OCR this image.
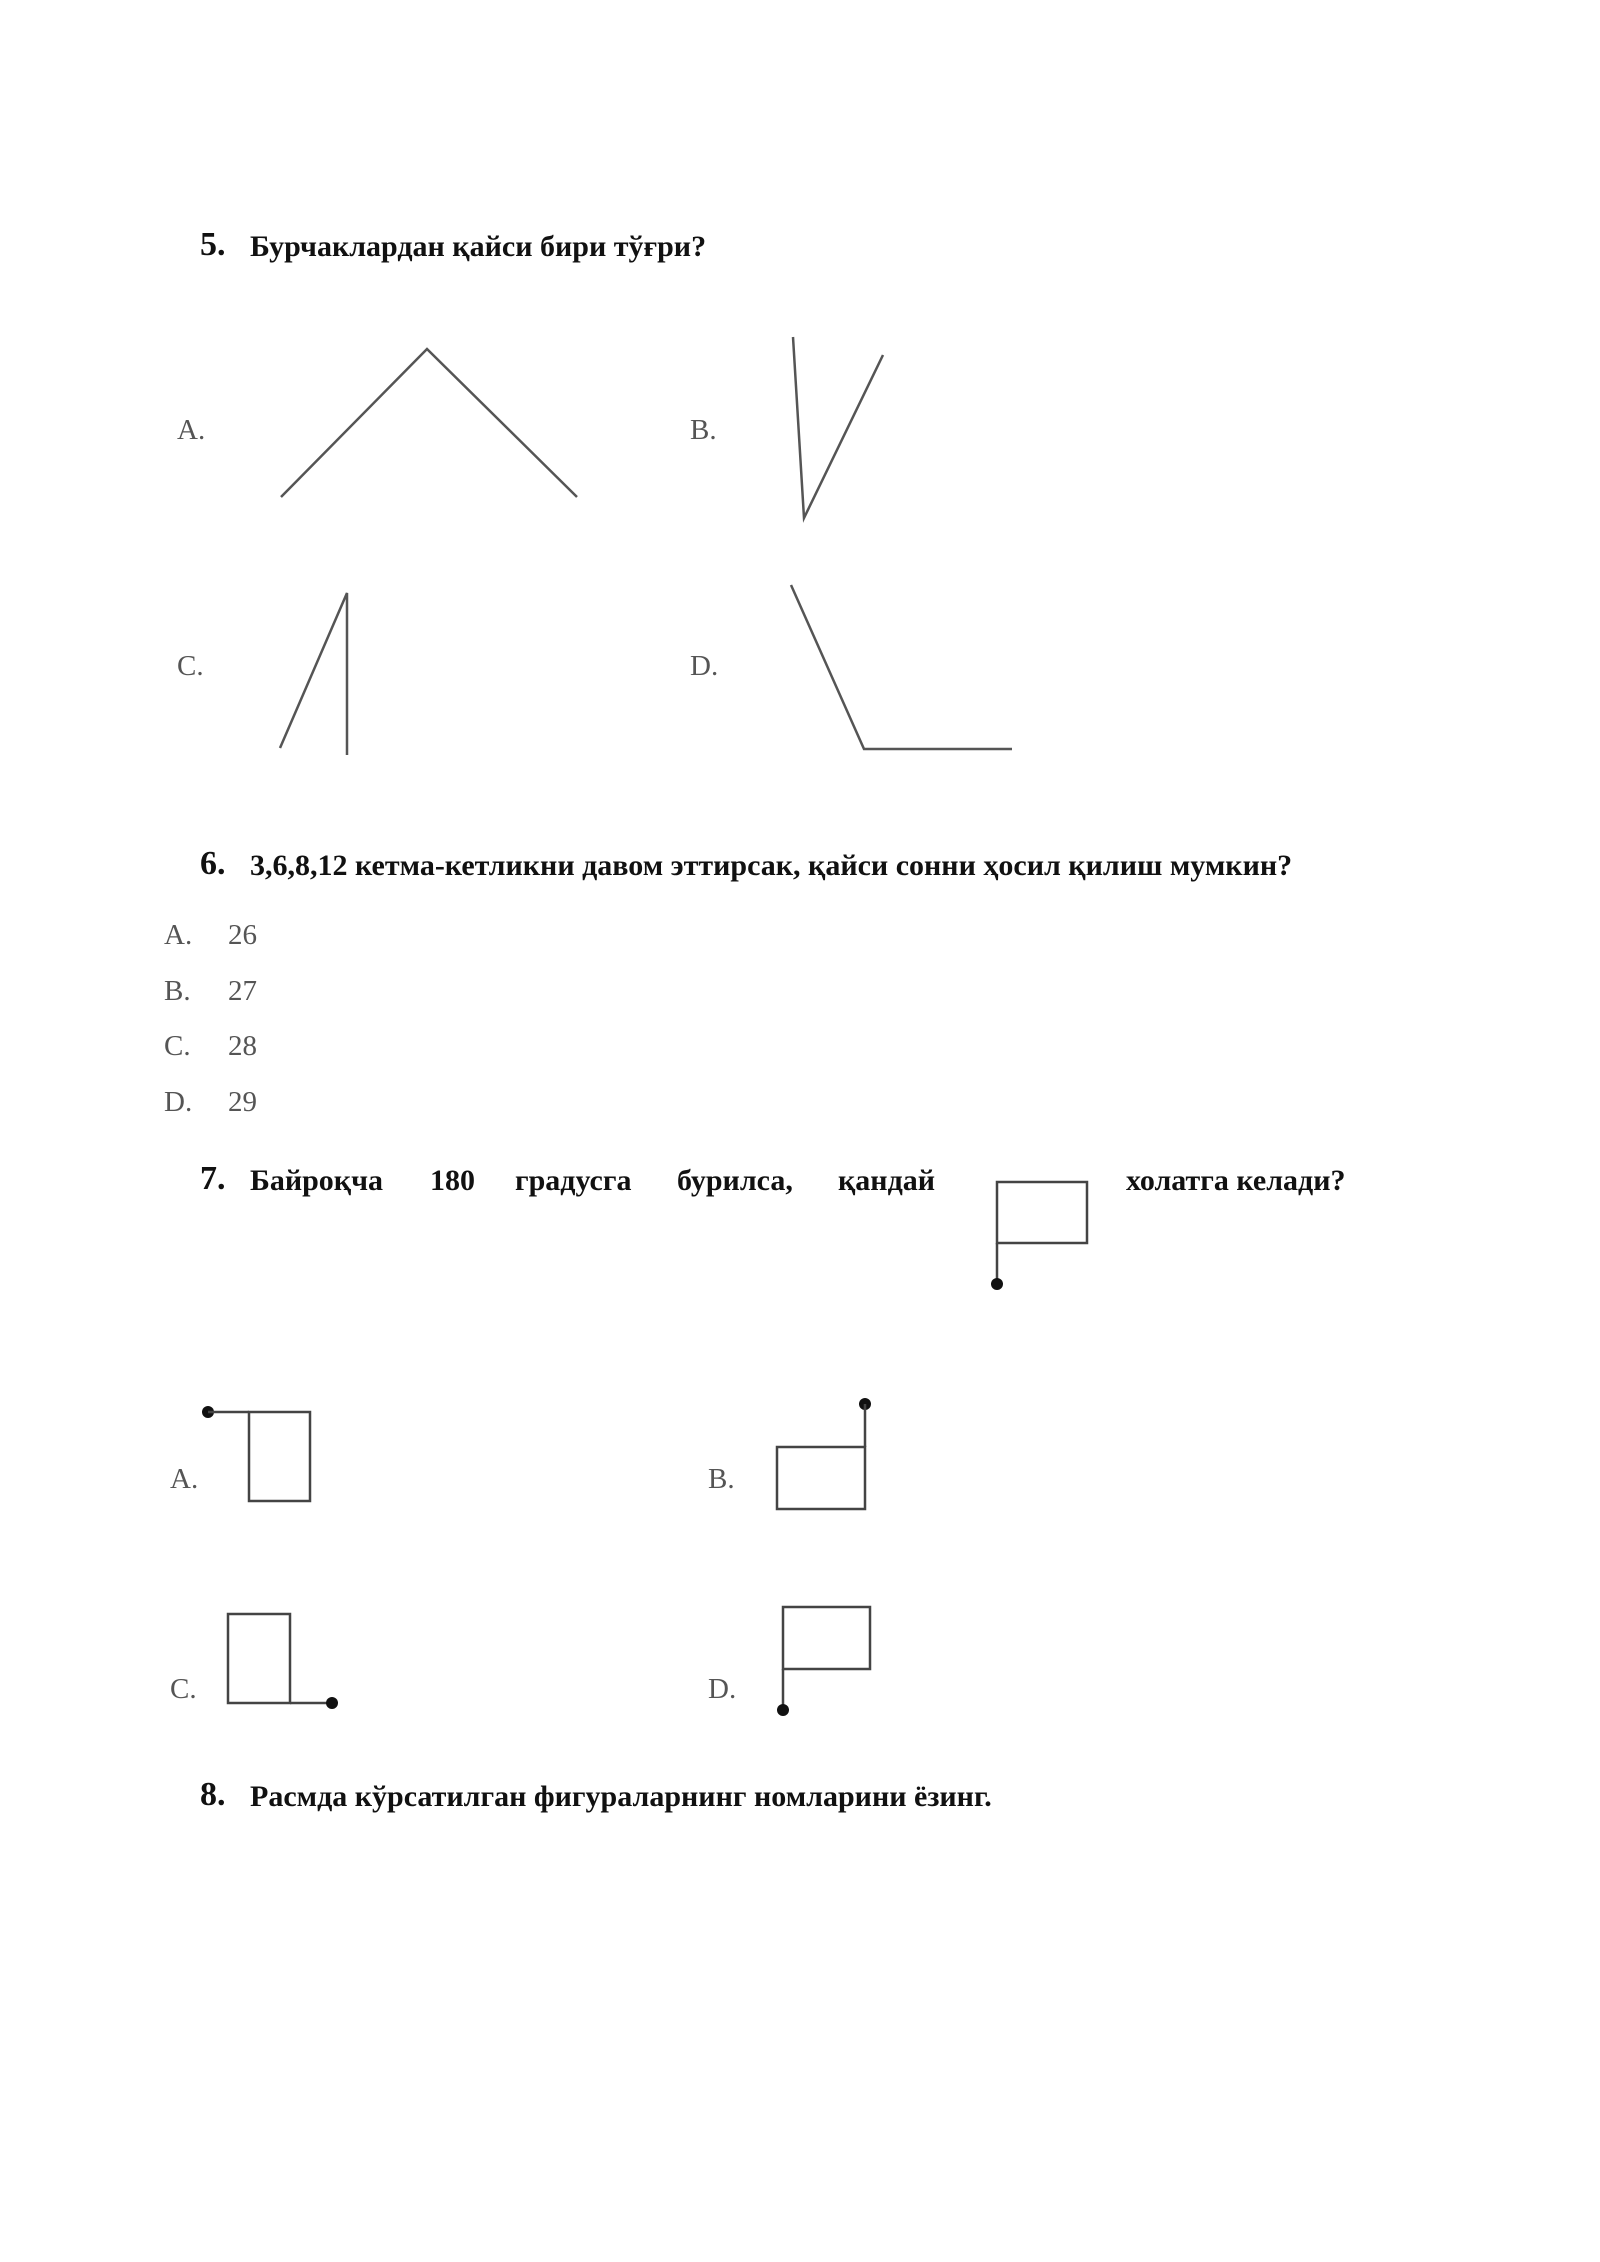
5. Бурчаклардан қайси бири тўғри?
A.	B.
C.	D.
6. 3,6,8,12 кетма-кетликни давом эттирсак, қайси сонни ҳосил қилиш мумкин?
A. 26
B. 27
C. 28
D. 29
7. Байроқча 180 градусга бурилса, қандай	холатга келади?
A.	B.
C.	D.
8. Расмда кўрсатилган фигураларнинг номларини ёзинг.
